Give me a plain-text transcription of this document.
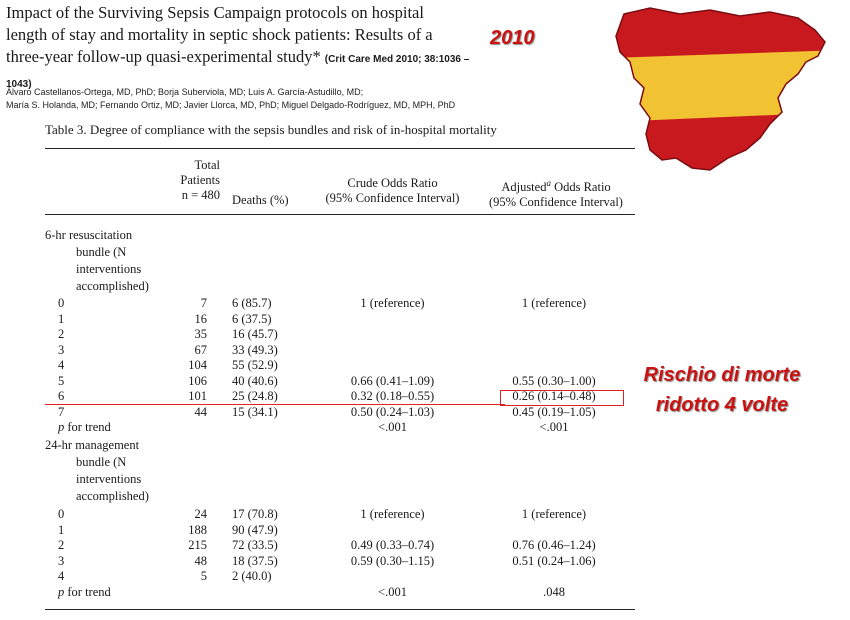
Impact of the Surviving Sepsis Campaign protocols on hospital
length of stay and mortality in septic shock patients: Results of a
three-year follow-up quasi-experimental study* (Crit Care Med 2010; 38:1036 –1043)
2010
Álvaro Castellanos-Ortega, MD, PhD; Borja Suberviola, MD; Luis A. García-Astudillo, MD;
María S. Holanda, MD; Fernando Ortiz, MD; Javier Llorca, MD, PhD; Miguel Delgado-Rodríguez, MD, MPH, PhD
Table 3. Degree of compliance with the sepsis bundles and risk of in-hospital mortality
Total
Patients
n = 480 Deaths (%)
Crude Odds Ratio
(95% Confidence Interval)
Adjusted$^a$ Odds Ratio
(95% Confidence Interval)
6-hr resuscitation
bundle (N
interventions
accomplished)
0	7 6 (85.7)	1 (reference)	1 (reference)
1	16 6 (37.5)
2	35 16 (45.7)
3	67 33 (49.3)
4	104 55 (52.9)
5	106 40 (40.6)	0.66 (0.41–1.09)	0.55 (0.30–1.00)
6	101 25 (24.8)	0.32 (0.18–0.55)	0.26 (0.14–0.48)
7	44 15 (34.1)	0.50 (0.24–1.03)	0.45 (0.19–1.05)
p for trend	<.001	<.001
24-hr management
bundle (N
interventions
accomplished)
0	24 17 (70.8)	1 (reference)	1 (reference)
1	188 90 (47.9)
2	215 72 (33.5)	0.49 (0.33–0.74)	0.76 (0.46–1.24)
3	48 18 (37.5)	0.59 (0.30–1.15)	0.51 (0.24–1.06)
4	5 2 (40.0)
p for trend	<.001	.048
Rischio di morte
ridotto 4 volte
